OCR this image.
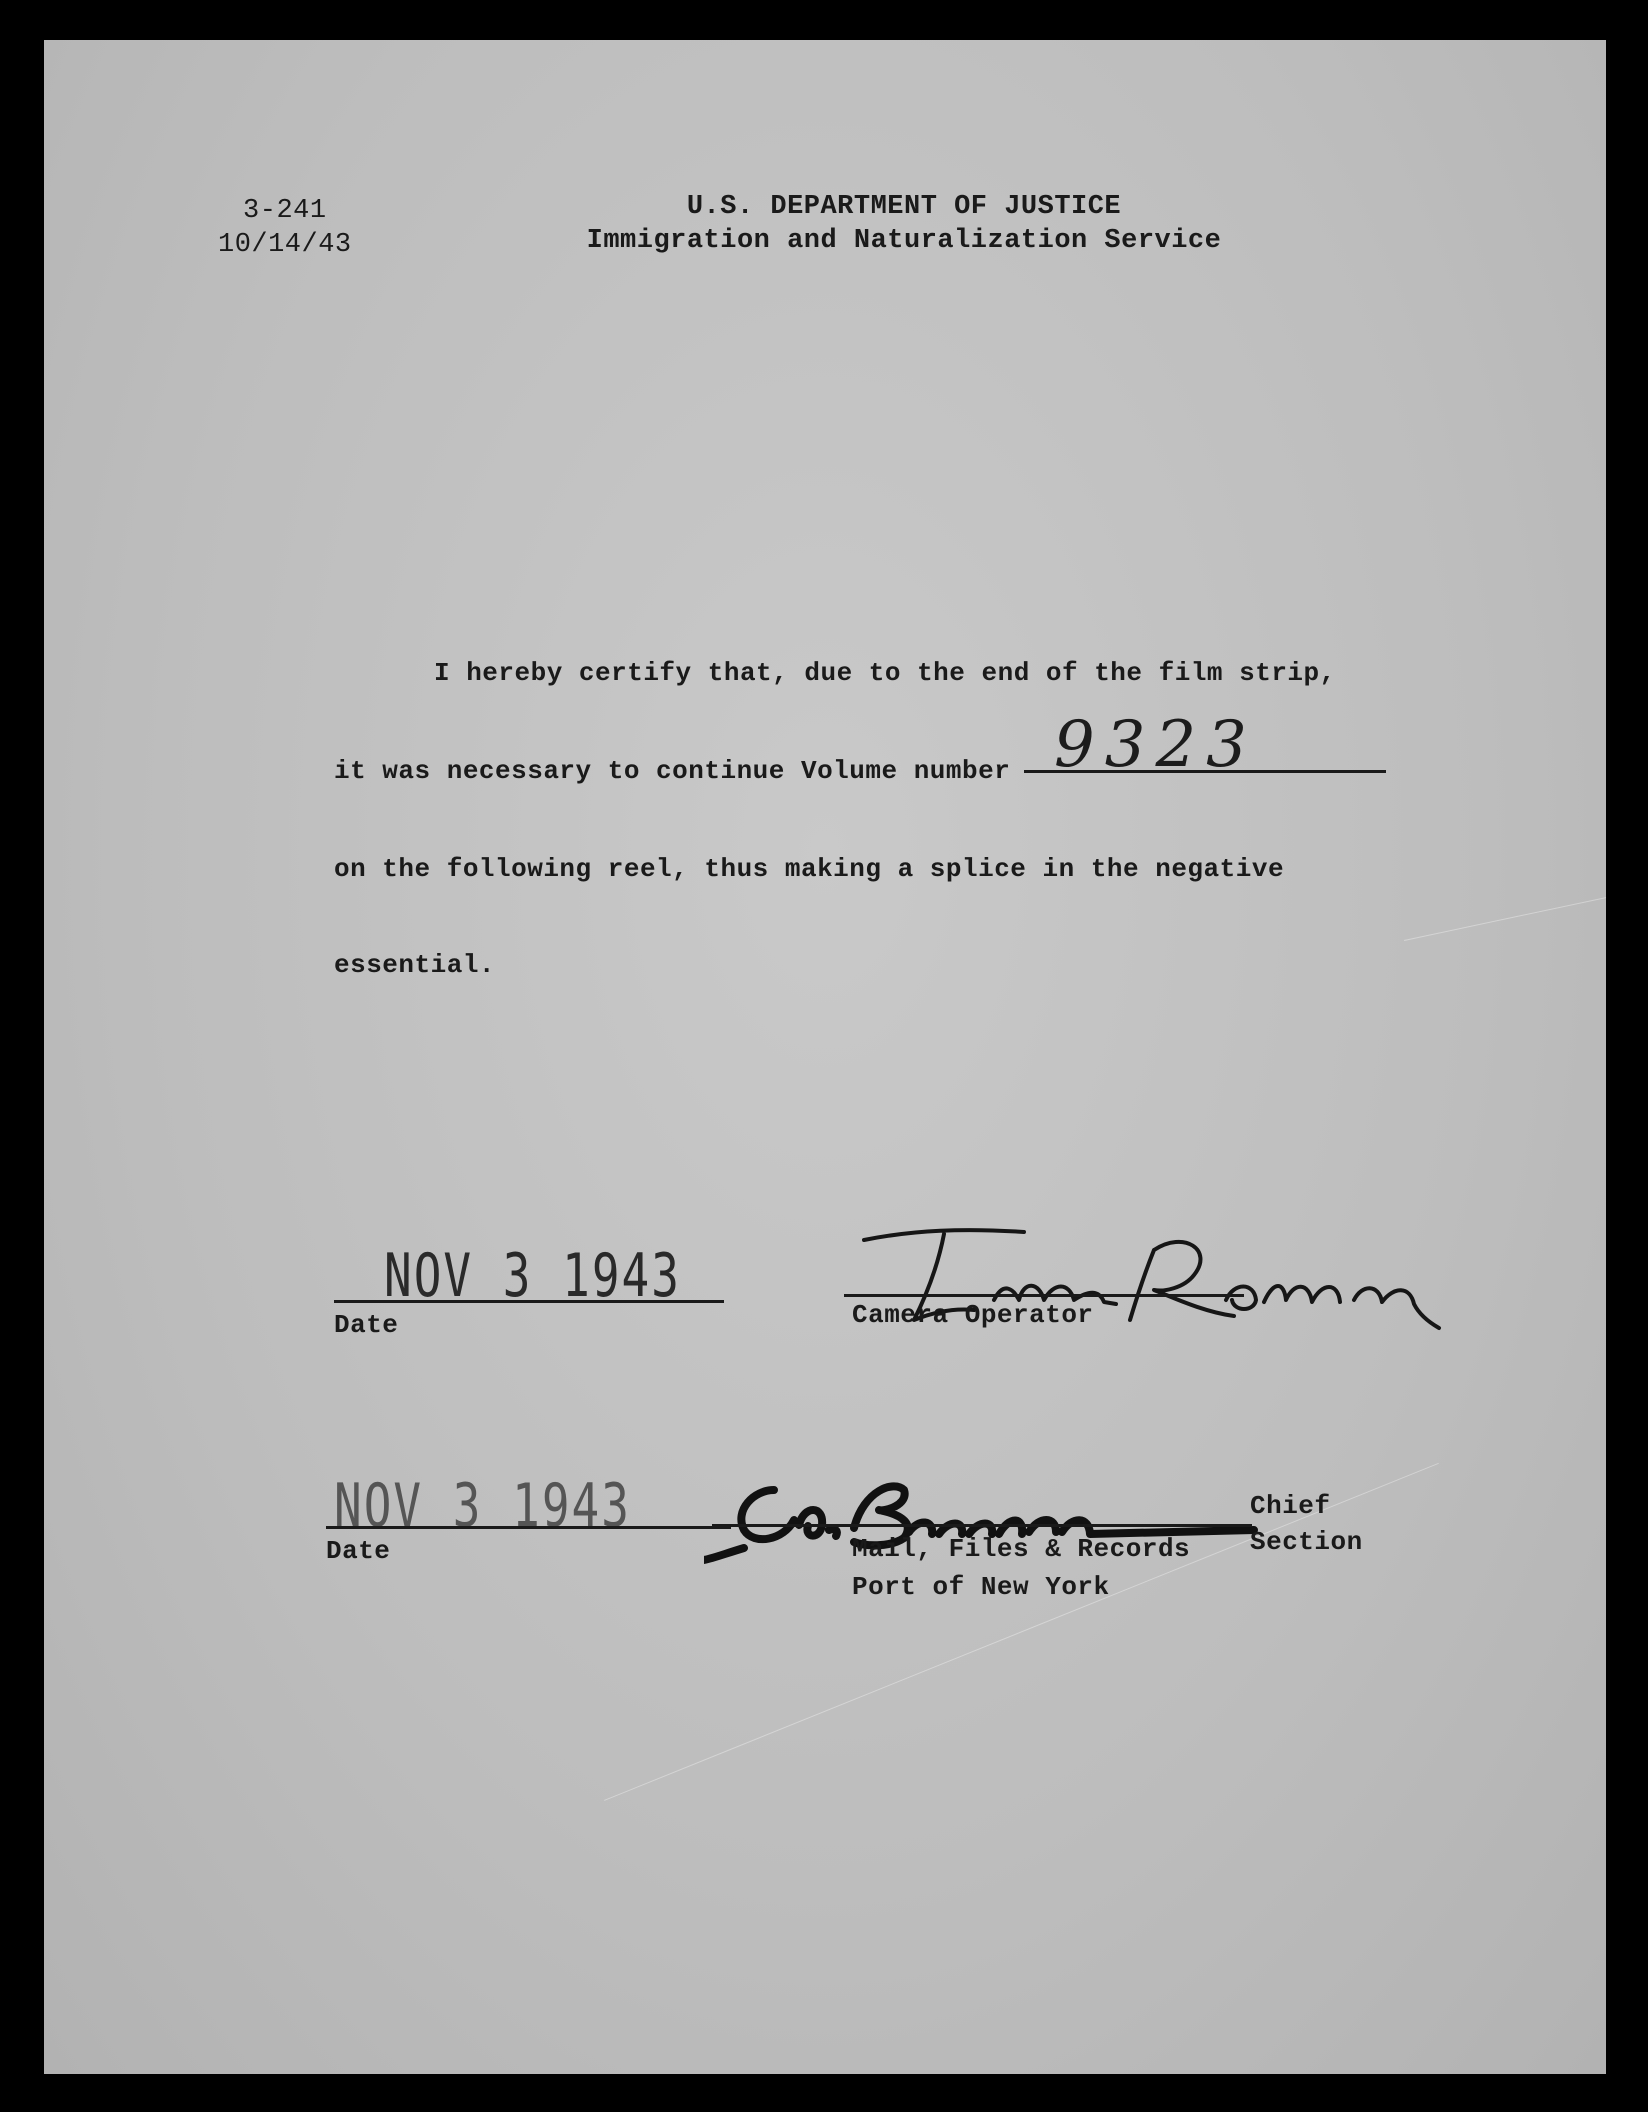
3-241
10/14/43
U.S. DEPARTMENT OF JUSTICE
Immigration and Naturalization Service
I hereby certify that, due to the end of the film strip,
it was necessary to continue Volume number 9323
on the following reel, thus making a splice in the negative
essential.
NOV 3 1943
Date	Camera Operator
NOV 3 1943
Date
Chief
Section
Mail, Files & Records
Port of New York
